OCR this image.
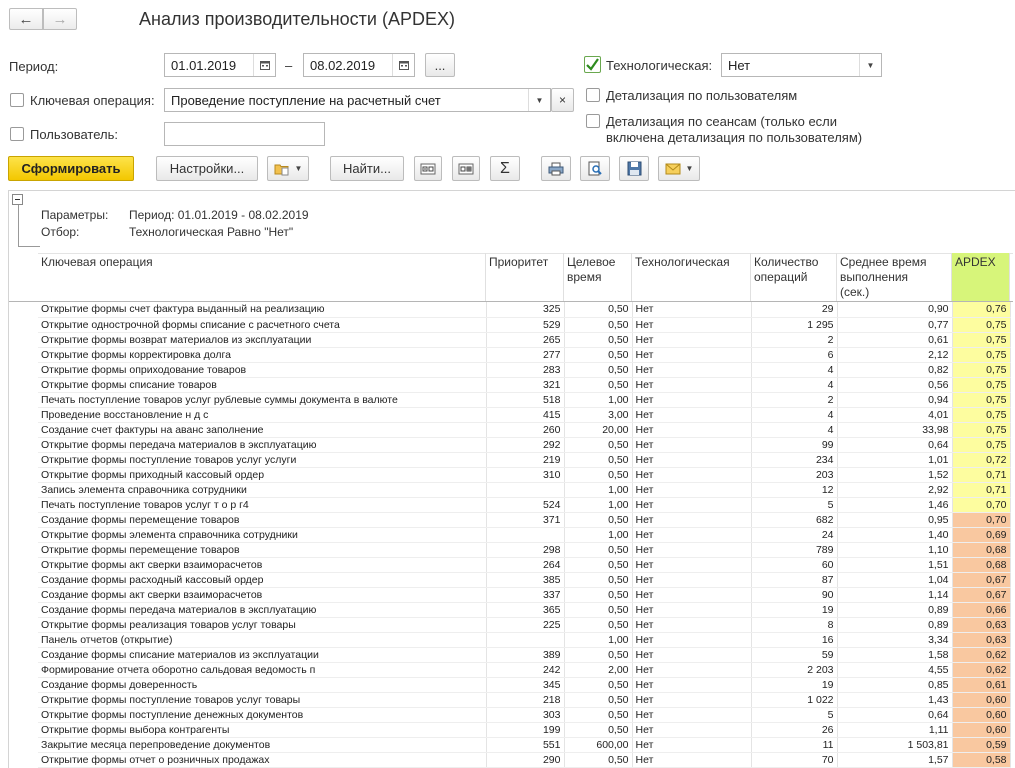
← →	Анализ производительности (APDEX)
Период:	01.01.2019	–	08.02.2019	...	Технологическая:	Нет	▼
Ключевая операция:	Проведение поступление на расчетный счет	▼ ×	Детализация по пользователям
Детализация по сеансам (только если
включена детализация по пользователям)
Пользователь:
Сформировать	Настройки...	▼	Найти...	Σ	▼
Параметры: Период: 01.01.2019 - 08.02.2019
Отбор:	Технологическая Равно "Нет"
Ключевая операция	Приоритет	Целевое
время
Технологическая	Количество
операций
Среднее время
выполнения
(сек.)
APDEX
Открытие формы счет фактура выданный на реализацию	325	0,50	Нет	29	0,90	0,76
Открытие однострочной формы списание с расчетного счета	529	0,50	Нет	1 295	0,77	0,75
Открытие формы возврат материалов из эксплуатации	265	0,50	Нет	2	0,61	0,75
Открытие формы корректировка долга	277	0,50	Нет	6	2,12	0,75
Открытие формы оприходование товаров	283	0,50	Нет	4	0,82	0,75
Открытие формы списание товаров	321	0,50	Нет	4	0,56	0,75
Печать поступление товаров услуг рублевые суммы документа в валюте	518	1,00	Нет	2	0,94	0,75
Проведение восстановление н д с	415	3,00	Нет	4	4,01	0,75
Создание счет фактуры на аванс заполнение	260	20,00	Нет	4	33,98	0,75
Открытие формы передача материалов в эксплуатацию	292	0,50	Нет	99	0,64	0,75
Открытие формы поступление товаров услуг услуги	219	0,50	Нет	234	1,01	0,72
Открытие формы приходный кассовый ордер	310	0,50	Нет	203	1,52	0,71
Запись элемента справочника сотрудники		1,00	Нет	12	2,92	0,71
Печать поступление товаров услуг т о р г4	524	1,00	Нет	5	1,46	0,70
Создание формы перемещение товаров	371	0,50	Нет	682	0,95	0,70
Открытие формы элемента справочника сотрудники		1,00	Нет	24	1,40	0,69
Открытие формы перемещение товаров	298	0,50	Нет	789	1,10	0,68
Открытие формы акт сверки взаиморасчетов	264	0,50	Нет	60	1,51	0,68
Создание формы расходный кассовый ордер	385	0,50	Нет	87	1,04	0,67
Создание формы акт сверки взаиморасчетов	337	0,50	Нет	90	1,14	0,67
Создание формы передача материалов в эксплуатацию	365	0,50	Нет	19	0,89	0,66
Открытие формы реализация товаров услуг товары	225	0,50	Нет	8	0,89	0,63
Панель отчетов (открытие)		1,00	Нет	16	3,34	0,63
Создание формы списание материалов из эксплуатации	389	0,50	Нет	59	1,58	0,62
Формирование отчета оборотно сальдовая ведомость п	242	2,00	Нет	2 203	4,55	0,62
Создание формы доверенность	345	0,50	Нет	19	0,85	0,61
Открытие формы поступление товаров услуг товары	218	0,50	Нет	1 022	1,43	0,60
Открытие формы поступление денежных документов	303	0,50	Нет	5	0,64	0,60
Открытие формы выбора контрагенты	199	0,50	Нет	26	1,11	0,60
Закрытие месяца перепроведение документов	551	600,00	Нет	11	1 503,81	0,59
Открытие формы отчет о розничных продажах	290	0,50	Нет	70	1,57	0,58
